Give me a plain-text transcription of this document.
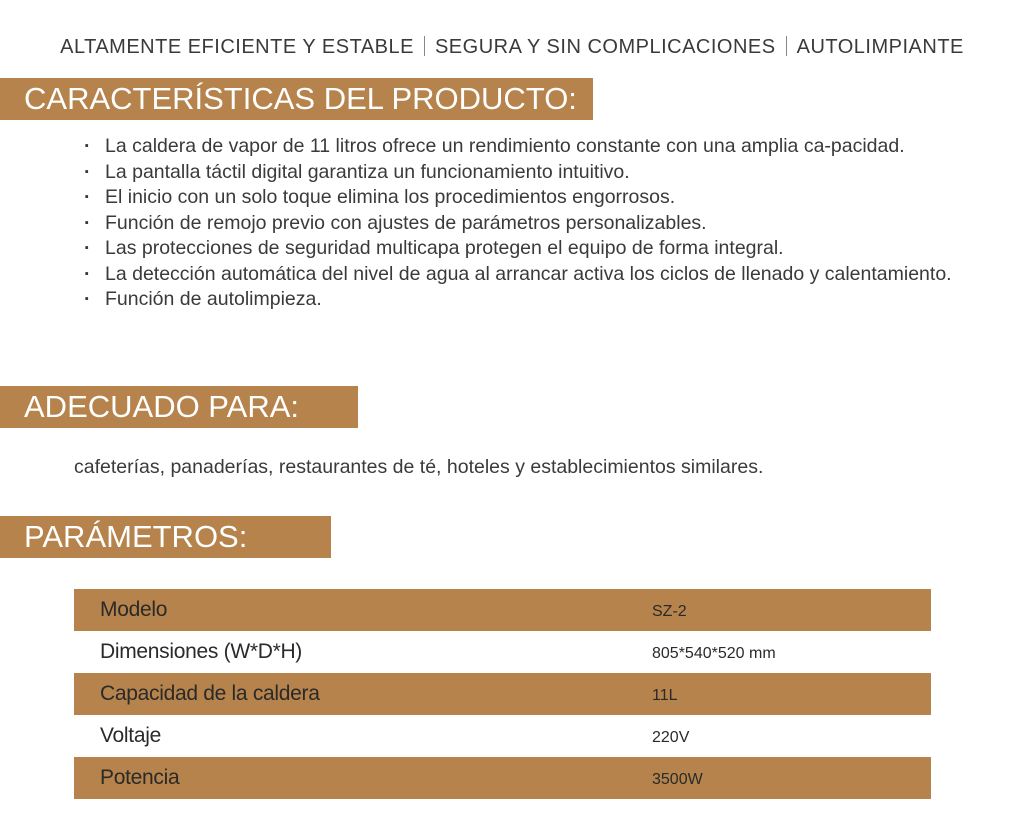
ALTAMENTE EFICIENTE Y ESTABLE SEGURA Y SIN COMPLICACIONES AUTOLIMPIANTE
CARACTERÍSTICAS DEL PRODUCTO:
· La caldera de vapor de 11 litros ofrece un rendimiento constante con una amplia ca-pacidad.
· La pantalla táctil digital garantiza un funcionamiento intuitivo.
· El inicio con un solo toque elimina los procedimientos engorrosos.
· Función de remojo previo con ajustes de parámetros personalizables.
· Las protecciones de seguridad multicapa protegen el equipo de forma integral.
· La detección automática del nivel de agua al arrancar activa los ciclos de llenado y calentamiento.
· Función de autolimpieza.
ADECUADO PARA:
cafeterías, panaderías, restaurantes de té, hoteles y establecimientos similares.
PARÁMETROS:
Modelo	SZ-2
Dimensiones (W*D*H)	805*540*520 mm
Capacidad de la caldera	11L
Voltaje	220V
Potencia	3500W
